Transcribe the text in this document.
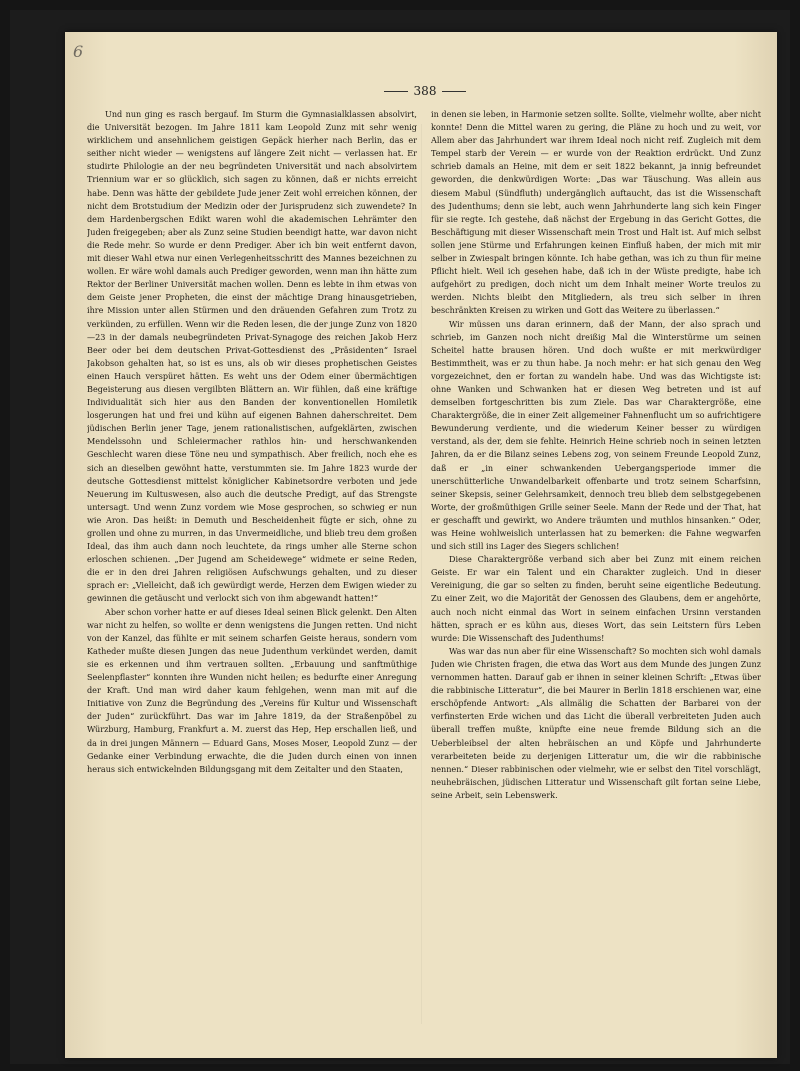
6
388

Und nun ging es rasch bergauf. Im Sturm die Gymnasialklassen absolvirt, die Universität bezogen. Im Jahre 1811 kam Leopold Zunz mit sehr wenig wirklichem und ansehnlichem geistigen Gepäck hierher nach Berlin, das er seither nicht wieder — wenigstens auf längere Zeit nicht — verlassen hat. Er studirte Philologie an der neu begründeten Universität und nach absolvirtem Triennium war er so glücklich, sich sagen zu können, daß er nichts erreicht habe. Denn was hätte der gebildete Jude jener Zeit wohl erreichen können, der nicht dem Brotstudium der Medizin oder der Jurisprudenz sich zuwendete? In dem Hardenbergschen Edikt waren wohl die akademischen Lehrämter den Juden freigegeben; aber als Zunz seine Studien beendigt hatte, war davon nicht die Rede mehr. So wurde er denn Prediger. Aber ich bin weit entfernt davon, mit dieser Wahl etwa nur einen Verlegenheitsschritt des Mannes bezeichnen zu wollen. Er wäre wohl damals auch Prediger geworden, wenn man ihn hätte zum Rektor der Berliner Universität machen wollen. Denn es lebte in ihm etwas von dem Geiste jener Propheten, die einst der mächtige Drang hinausgetrieben, ihre Mission unter allen Stürmen und den dräuenden Gefahren zum Trotz zu verkünden, zu erfüllen. Wenn wir die Reden lesen, die der junge Zunz von 1820—23 in der damals neubegründeten Privat-Synagoge des reichen Jakob Herz Beer oder bei dem deutschen Privat-Gottesdienst des „Präsidenten“ Israel Jakobson gehalten hat, so ist es uns, als ob wir dieses prophetischen Geistes einen Hauch verspüret hätten. Es weht uns der Odem einer übermächtigen Begeisterung aus diesen vergilbten Blättern an. Wir fühlen, daß eine kräftige Individualität sich hier aus den Banden der konventionellen Homiletik losgerungen hat und frei und kühn auf eigenen Bahnen daherschreitet. Dem jüdischen Berlin jener Tage, jenem rationalistischen, aufgeklärten, zwischen Mendelssohn und Schleiermacher rathlos hin- und herschwankenden Geschlecht waren diese Töne neu und sympathisch. Aber freilich, noch ehe es sich an dieselben gewöhnt hatte, verstummten sie. Im Jahre 1823 wurde der deutsche Gottesdienst mittelst königlicher Kabinetsordre verboten und jede Neuerung im Kultuswesen, also auch die deutsche Predigt, auf das Strengste untersagt. Und wenn Zunz vordem wie Mose gesprochen, so schwieg er nun wie Aron. Das heißt: in Demuth und Bescheidenheit fügte er sich, ohne zu grollen und ohne zu murren, in das Unvermeidliche, und blieb treu dem großen Ideal, das ihm auch dann noch leuchtete, da rings umher alle Sterne schon erloschen schienen. „Der Jugend am Scheidewege“ widmete er seine Reden, die er in den drei Jahren religiösen Aufschwungs gehalten, und zu dieser sprach er: „Vielleicht, daß ich gewürdigt werde, Herzen dem Ewigen wieder zu gewinnen die getäuscht und verlockt sich von ihm abgewandt hatten!“

Aber schon vorher hatte er auf dieses Ideal seinen Blick gelenkt. Den Alten war nicht zu helfen, so wollte er denn wenigstens die Jungen retten. Und nicht von der Kanzel, das fühlte er mit seinem scharfen Geiste heraus, sondern vom Katheder mußte diesen Jungen das neue Judenthum verkündet werden, damit sie es erkennen und ihm vertrauen sollten. „Erbauung und sanftmüthige Seelenpflaster“ konnten ihre Wunden nicht heilen; es bedurfte einer Anregung der Kraft. Und man wird daher kaum fehlgehen, wenn man mit auf die Initiative von Zunz die Begründung des „Vereins für Kultur und Wissenschaft der Juden“ zurückführt. Das war im Jahre 1819, da der Straßenpöbel zu Würzburg, Hamburg, Frankfurt a. M. zuerst das Hep, Hep erschallen ließ, und da in drei jungen Männern — Eduard Gans, Moses Moser, Leopold Zunz — der Gedanke einer Verbindung erwachte, die die Juden durch einen von innen heraus sich entwickelnden Bildungsgang mit dem Zeitalter und den Staaten,

in denen sie leben, in Harmonie setzen sollte. Sollte, vielmehr wollte, aber nicht konnte! Denn die Mittel waren zu gering, die Pläne zu hoch und zu weit, vor Allem aber das Jahrhundert war ihrem Ideal noch nicht reif. Zugleich mit dem Tempel starb der Verein — er wurde von der Reaktion erdrückt. Und Zunz schrieb damals an Heine, mit dem er seit 1822 bekannt, ja innig befreundet geworden, die denkwürdigen Worte: „Das war Täuschung. Was allein aus diesem Mabul (Sündfluth) undergänglich auftaucht, das ist die Wissenschaft des Judenthums; denn sie lebt, auch wenn Jahrhunderte lang sich kein Finger für sie regte. Ich gestehe, daß nächst der Ergebung in das Gericht Gottes, die Beschäftigung mit dieser Wissenschaft mein Trost und Halt ist. Auf mich selbst sollen jene Stürme und Erfahrungen keinen Einfluß haben, der mich mit mir selber in Zwiespalt bringen könnte. Ich habe gethan, was ich zu thun für meine Pflicht hielt. Weil ich gesehen habe, daß ich in der Wüste predigte, habe ich aufgehört zu predigen, doch nicht um dem Inhalt meiner Worte treulos zu werden. Nichts bleibt den Mitgliedern, als treu sich selber in ihren beschränkten Kreisen zu wirken und Gott das Weitere zu überlassen.“

Wir müssen uns daran erinnern, daß der Mann, der also sprach und schrieb, im Ganzen noch nicht dreißig Mal die Winterstürme um seinen Scheitel hatte brausen hören. Und doch wußte er mit merkwürdiger Bestimmtheit, was er zu thun habe. Ja noch mehr: er hat sich genau den Weg vorgezeichnet, den er fortan zu wandeln habe. Und was das Wichtigste ist: ohne Wanken und Schwanken hat er diesen Weg betreten und ist auf demselben fortgeschritten bis zum Ziele. Das war Charaktergröße, eine Charaktergröße, die in einer Zeit allgemeiner Fahnenflucht um so aufrichtigere Bewunderung verdiente, und die wiederum Keiner besser zu würdigen verstand, als der, dem sie fehlte. Heinrich Heine schrieb noch in seinen letzten Jahren, da er die Bilanz seines Lebens zog, von seinem Freunde Leopold Zunz, daß er „in einer schwankenden Uebergangsperiode immer die unerschütterliche Unwandelbarkeit offenbarte und trotz seinem Scharfsinn, seiner Skepsis, seiner Gelehrsamkeit, dennoch treu blieb dem selbstgegebenen Worte, der großmüthigen Grille seiner Seele. Mann der Rede und der That, hat er geschafft und gewirkt, wo Andere träumten und muthlos hinsanken.“ Oder, was Heine wohlweislich unterlassen hat zu bemerken: die Fahne wegwarfen und sich still ins Lager des Siegers schlichen!

Diese Charaktergröße verband sich aber bei Zunz mit einem reichen Geiste. Er war ein Talent und ein Charakter zugleich. Und in dieser Vereinigung, die gar so selten zu finden, beruht seine eigentliche Bedeutung. Zu einer Zeit, wo die Majorität der Genossen des Glaubens, dem er angehörte, auch noch nicht einmal das Wort in seinem einfachen Ursinn verstanden hätten, sprach er es kühn aus, dieses Wort, das sein Leitstern fürs Leben wurde: Die Wissenschaft des Judenthums!

Was war das nun aber für eine Wissenschaft? So mochten sich wohl damals Juden wie Christen fragen, die etwa das Wort aus dem Munde des jungen Zunz vernommen hatten. Darauf gab er ihnen in seiner kleinen Schrift: „Etwas über die rabbinische Litteratur“, die bei Maurer in Berlin 1818 erschienen war, eine erschöpfende Antwort: „Als allmälig die Schatten der Barbarei von der verfinsterten Erde wichen und das Licht die überall verbreiteten Juden auch überall treffen mußte, knüpfte eine neue fremde Bildung sich an die Ueberbleibsel der alten hebräischen an und Köpfe und Jahrhunderte verarbeiteten beide zu derjenigen Litteratur um, die wir die rabbinische nennen.“ Dieser rabbinischen oder vielmehr, wie er selbst den Titel vorschlägt, neuhebräischen, jüdischen Litteratur und Wissenschaft gilt fortan seine Liebe, seine Arbeit, sein Lebenswerk.
